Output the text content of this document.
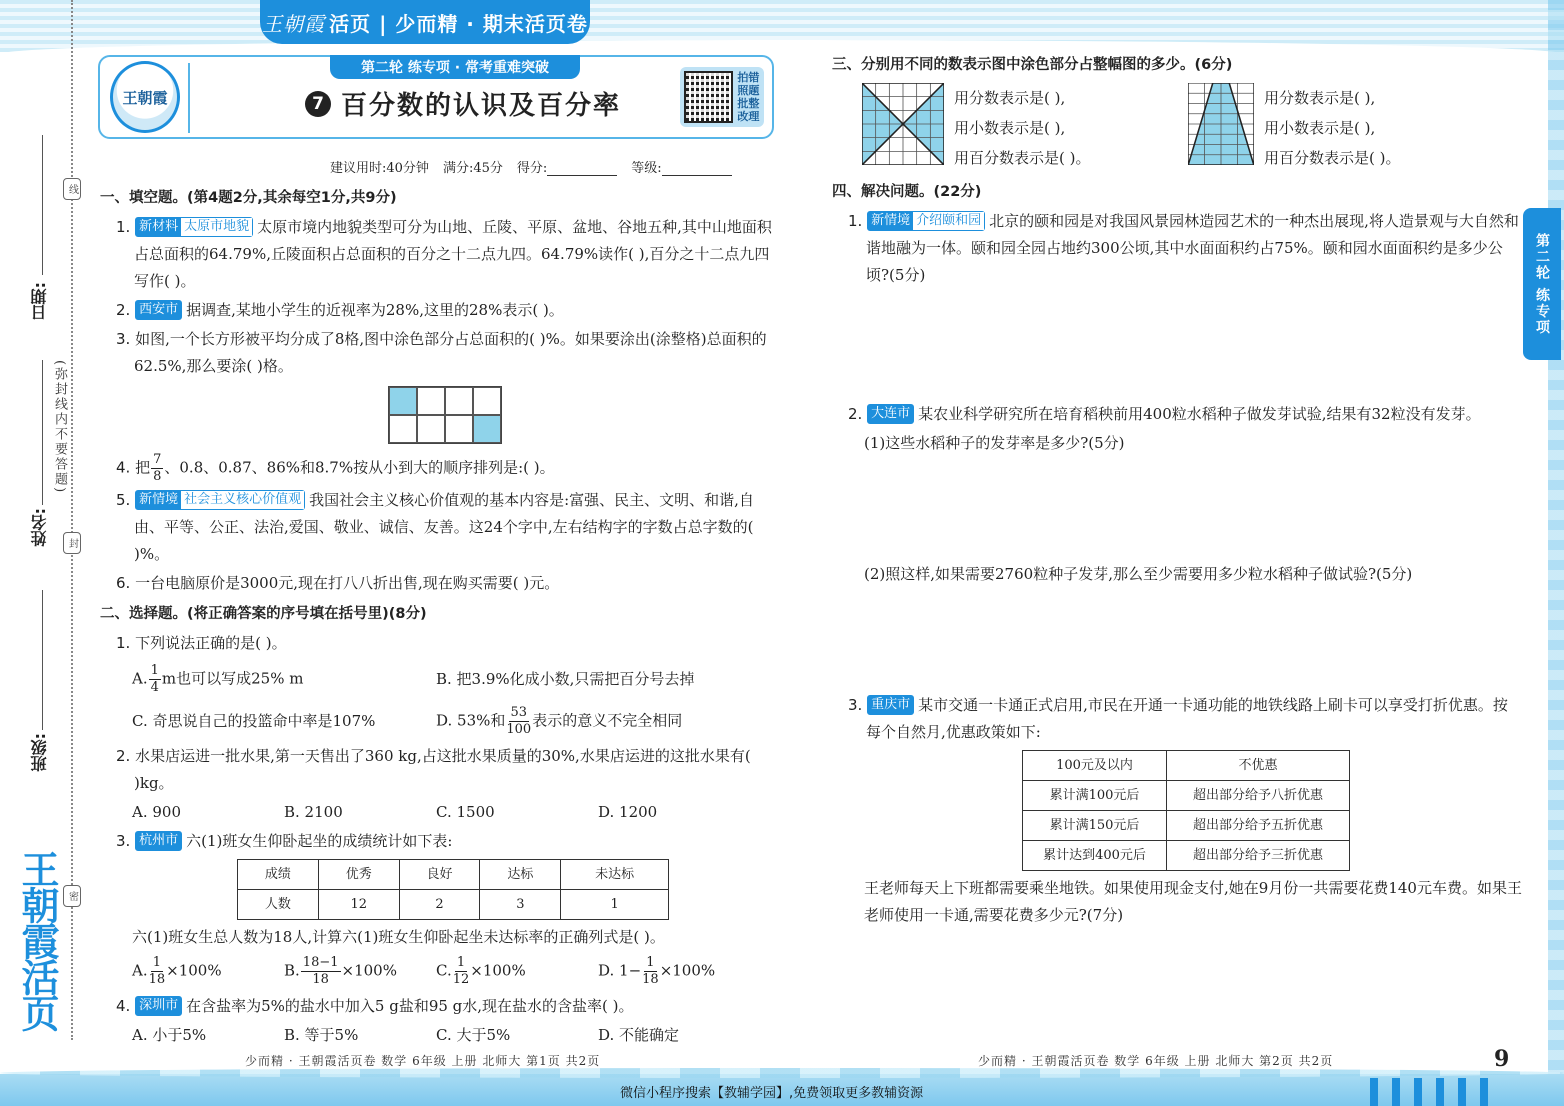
王朝霞 活页 | 少而精 · 期末活页卷
线
封
密
日期:
姓名:
班级:
(弥封线内不要答题)
王朝霞活页
王朝霞
第二轮 练专项 · 常考重难突破
7 百分数的认识及百分率
拍错照题批整改理
建议用时:40分钟 满分:45分 得分:	等级:
一、填空题。(第4题2分,其余每空1分,共9分)
1. 新材料 太原市地貌 太原市境内地貌类型可分为山地、丘陵、平原、盆地、谷地五种,其中山地面积占总面积的64.79%,丘陵面积占总面积的百分之十二点九四。64.79%读作( ),百分之十二点九四写作( )。
2. 西安市 据调查,某地小学生的近视率为28%,这里的28%表示( )。
3. 如图,一个长方形被平均分成了8格,图中涂色部分占总面积的( )%。如果要涂出(涂整格)总面积的62.5%,那么要涂( )格。
4. 把 $\frac{7}{8}$ 、0.8、0.87、86%和8.7%按从小到大的顺序排列是:( )。
5. 新情境 社会主义核心价值观 我国社会主义核心价值观的基本内容是:富强、民主、文明、和谐,自由、平等、公正、法治,爱国、敬业、诚信、友善。这24个字中,左右结构字的字数占总字数的( )%。
6. 一台电脑原价是3000元,现在打八八折出售,现在购买需要( )元。
二、选择题。(将正确答案的序号填在括号里)(8分)
1. 下列说法正确的是( )。
A. $\frac{1}{4}$ m也可以写成25% m	B. 把3.9%化成小数,只需把百分号去掉
C. 奇思说自己的投篮命中率是107%	D. 53%和 $\frac{53}{100}$ 表示的意义不完全相同
2. 水果店运进一批水果,第一天售出了360 kg,占这批水果质量的30%,水果店运进的这批水果有( )kg。
A. 900	B. 2100	C. 1500	D. 1200
3. 杭州市 六(1)班女生仰卧起坐的成绩统计如下表:
成绩	优秀	良好	达标	未达标
人数	12	2	3	1
六(1)班女生总人数为18人,计算六(1)班女生仰卧起坐未达标率的正确列式是( )。
A. $\frac{1}{18} \times 100\%$	B. $\frac{18-1}{18} \times 100\%$	C. $\frac{1}{12} \times 100\%$	D. $1- \frac{1}{18} \times 100\%$
4. 深圳市 在含盐率为5%的盐水中加入5 g盐和95 g水,现在盐水的含盐率( )。
A. 小于5%	B. 等于5%	C. 大于5%	D. 不能确定
三、分别用不同的数表示图中涂色部分占整幅图的多少。(6分)
用分数表示是( ),
用小数表示是( ),
用百分数表示是( )。
用分数表示是( ),
用小数表示是( ),
用百分数表示是( )。
四、解决问题。(22分)
1. 新情境 介绍颐和园 北京的颐和园是对我国风景园林造园艺术的一种杰出展现,将人造景观与大自然和谐地融为一体。颐和园全园占地约300公顷,其中水面面积约占75%。颐和园水面面积约是多少公顷?(5分)
2. 大连市 某农业科学研究所在培育稻秧前用400粒水稻种子做发芽试验,结果有32粒没有发芽。
(1)这些水稻种子的发芽率是多少?(5分)
(2)照这样,如果需要2760粒种子发芽,那么至少需要用多少粒水稻种子做试验?(5分)
3. 重庆市 某市交通一卡通正式启用,市民在开通一卡通功能的地铁线路上刷卡可以享受打折优惠。按每个自然月,优惠政策如下:
100元及以内	不优惠
累计满100元后	超出部分给予八折优惠
累计满150元后	超出部分给予五折优惠
累计达到400元后	超出部分给予三折优惠
王老师每天上下班都需要乘坐地铁。如果使用现金支付,她在9月份一共需要花费140元车费。如果王老师使用一卡通,需要花费多少元?(7分)
第二轮 练专项
少而精 · 王朝霞活页卷 数学 6年级 上册 北师大 第1页 共2页	少而精 · 王朝霞活页卷 数学 6年级 上册 北师大 第2页 共2页	9
微信小程序搜索【教辅学园】,免费领取更多教辅资源
